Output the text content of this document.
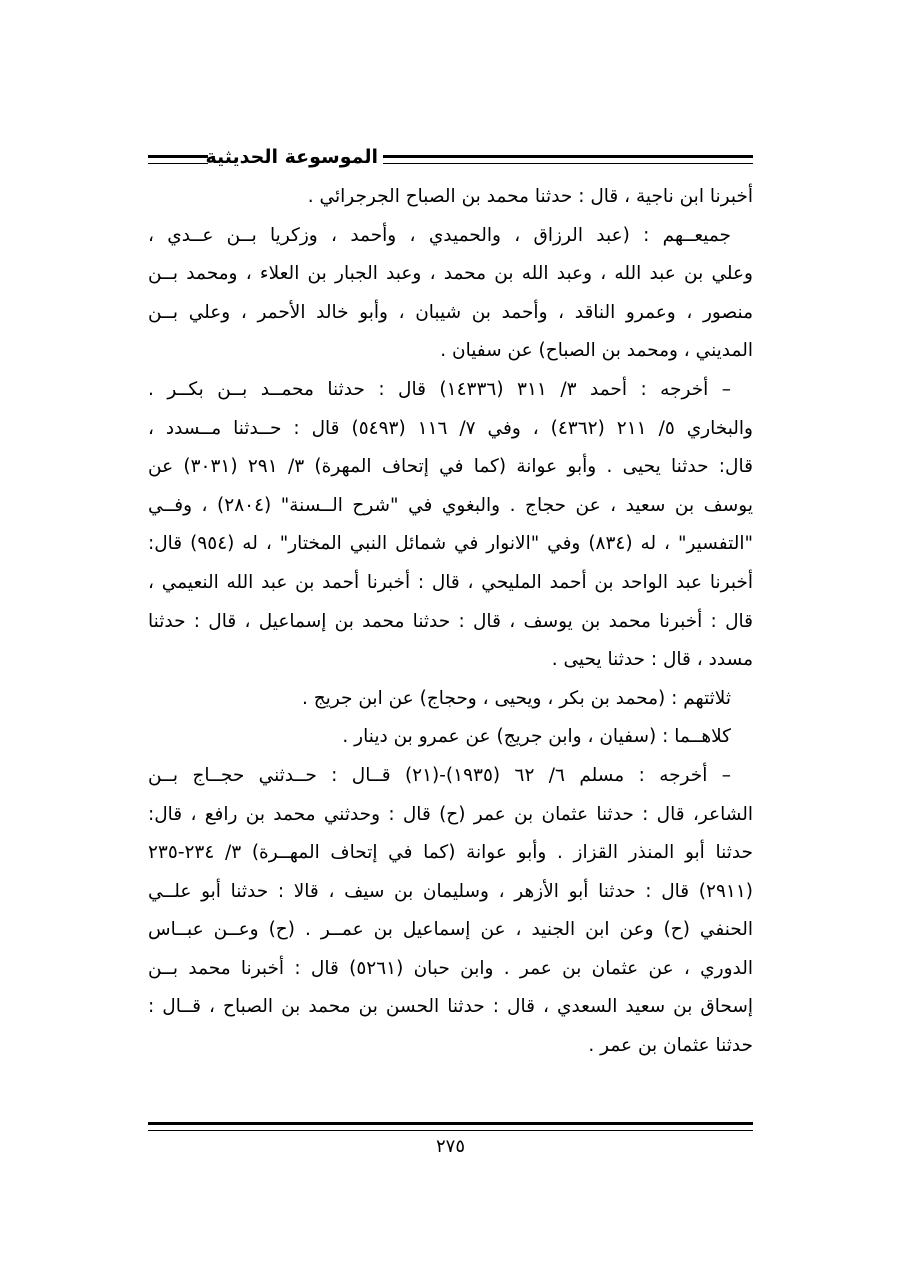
الموسوعة الحديثية
أخبرنا ابن ناجية ، قال : حدثنا محمد بن الصباح الجرجرائي .
جميعــهم : (عبد الرزاق ، والحميدي ، وأحمد ، وزكريا بــن عــدي ،
وعلي بن عبد الله ، وعبد الله بن محمد ، وعبد الجبار بن العلاء ، ومحمد بــن
منصور ، وعمرو الناقد ، وأحمد بن شيبان ، وأبو خالد الأحمر ، وعلي بــن
المديني ، ومحمد بن الصباح) عن سفيان .
– أخرجه : أحمد ٣/ ٣١١ (١٤٣٣٦) قال : حدثنا محمــد بــن بكــر .
والبخاري ٥/ ٢١١ (٤٣٦٢) ، وفي ٧/ ١١٦ (٥٤٩٣) قال : حــدثنا مــسدد ،
قال: حدثنا يحيى . وأبو عوانة (كما في إتحاف المهرة) ٣/ ٢٩١ (٣٠٣١) عن
يوسف بن سعيد ، عن حجاج . والبغوي في "شرح الــسنة" (٢٨٠٤) ، وفــي
"التفسير" ، له (٨٣٤) وفي "الانوار في شمائل النبي المختار" ، له (٩٥٤) قال:
أخبرنا عبد الواحد بن أحمد المليحي ، قال : أخبرنا أحمد بن عبد الله النعيمي ،
قال : أخبرنا محمد بن يوسف ، قال : حدثنا محمد بن إسماعيل ، قال : حدثنا
مسدد ، قال : حدثنا يحيى .
ثلاثتهم : (محمد بن بكر ، ويحيى ، وحجاج) عن ابن جريج .
كلاهــما : (سفيان ، وابن جريج) عن عمرو بن دينار .
– أخرجه : مسلم ٦/ ٦٢ (١٩٣٥)-(٢١) قــال : حــدثني حجــاج بــن
الشاعر، قال : حدثنا عثمان بن عمر (ح) قال : وحدثني محمد بن رافع ، قال:
حدثنا أبو المنذر القزاز . وأبو عوانة (كما في إتحاف المهــرة) ٣/ ٢٣٤-٢٣٥
(٢٩١١) قال : حدثنا أبو الأزهر ، وسليمان بن سيف ، قالا : حدثنا أبو علــي
الحنفي (ح) وعن ابن الجنيد ، عن إسماعيل بن عمــر . (ح) وعــن عبــاس
الدوري ، عن عثمان بن عمر . وابن حبان (٥٢٦١) قال : أخبرنا محمد بــن
إسحاق بن سعيد السعدي ، قال : حدثنا الحسن بن محمد بن الصباح ، قــال :
حدثنا عثمان بن عمر .
٢٧٥
